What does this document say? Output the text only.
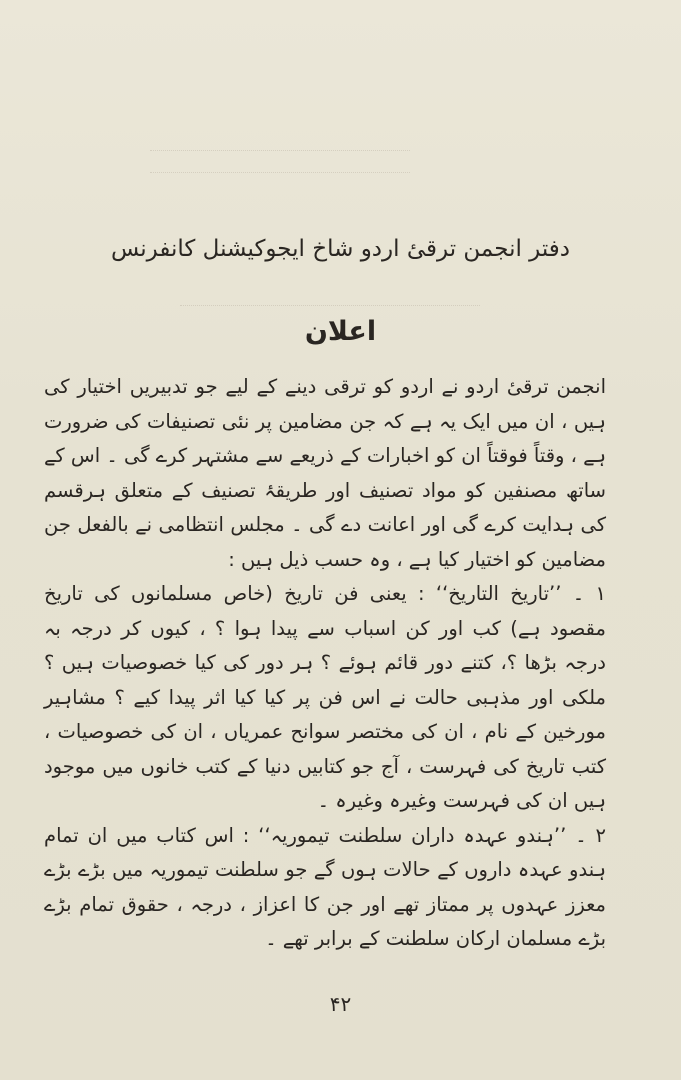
دفتر انجمن ترقیٔ اردو شاخ ایجوکیشنل کانفرنس
اعلان

انجمن ترقیٔ اردو نے اردو کو ترقی دینے کے لیے جو تدبیریں اختیار کی ہیں ، ان میں ایک یہ ہے کہ جن مضامین پر نئی تصنیفات کی ضرورت ہے ، وقتاً فوقتاً ان کو اخبارات کے ذریعے سے مشتہر کرے گی ۔ اس کے ساتھ مصنفین کو مواد تصنیف اور طریقۂ تصنیف کے متعلق ہرقسم کی ہدایت کرے گی اور اعانت دے گی ۔ مجلس انتظامی نے بالفعل جن مضامین کو اختیار کیا ہے ، وہ حسب ذیل ہیں :

۱ ۔ ’’تاریخ التاریخ‘‘ : یعنی فن تاریخ (خاص مسلمانوں کی تاریخ مقصود ہے) کب اور کن اسباب سے پیدا ہوا ؟ ، کیوں کر درجہ بہ درجہ بڑھا ؟، کتنے دور قائم ہوئے ؟ ہر دور کی کیا خصوصیات ہیں ؟ ملکی اور مذہبی حالت نے اس فن پر کیا کیا اثر پیدا کیے ؟ مشاہیر مورخین کے نام ، ان کی مختصر سوانح عمریاں ، ان کی خصوصیات ، کتب تاریخ کی فہرست ، آج جو کتابیں دنیا کے کتب خانوں میں موجود ہیں ان کی فہرست وغیرہ وغیرہ ۔

۲ ۔ ’’ہندو عہدہ داران سلطنت تیموریہ‘‘ : اس کتاب میں ان تمام ہندو عہدہ داروں کے حالات ہوں گے جو سلطنت تیموریہ میں بڑے بڑے معزز عہدوں پر ممتاز تھے اور جن کا اعزاز ، درجہ ، حقوق تمام بڑے بڑے مسلمان ارکان سلطنت کے برابر تھے ۔

۴۲
